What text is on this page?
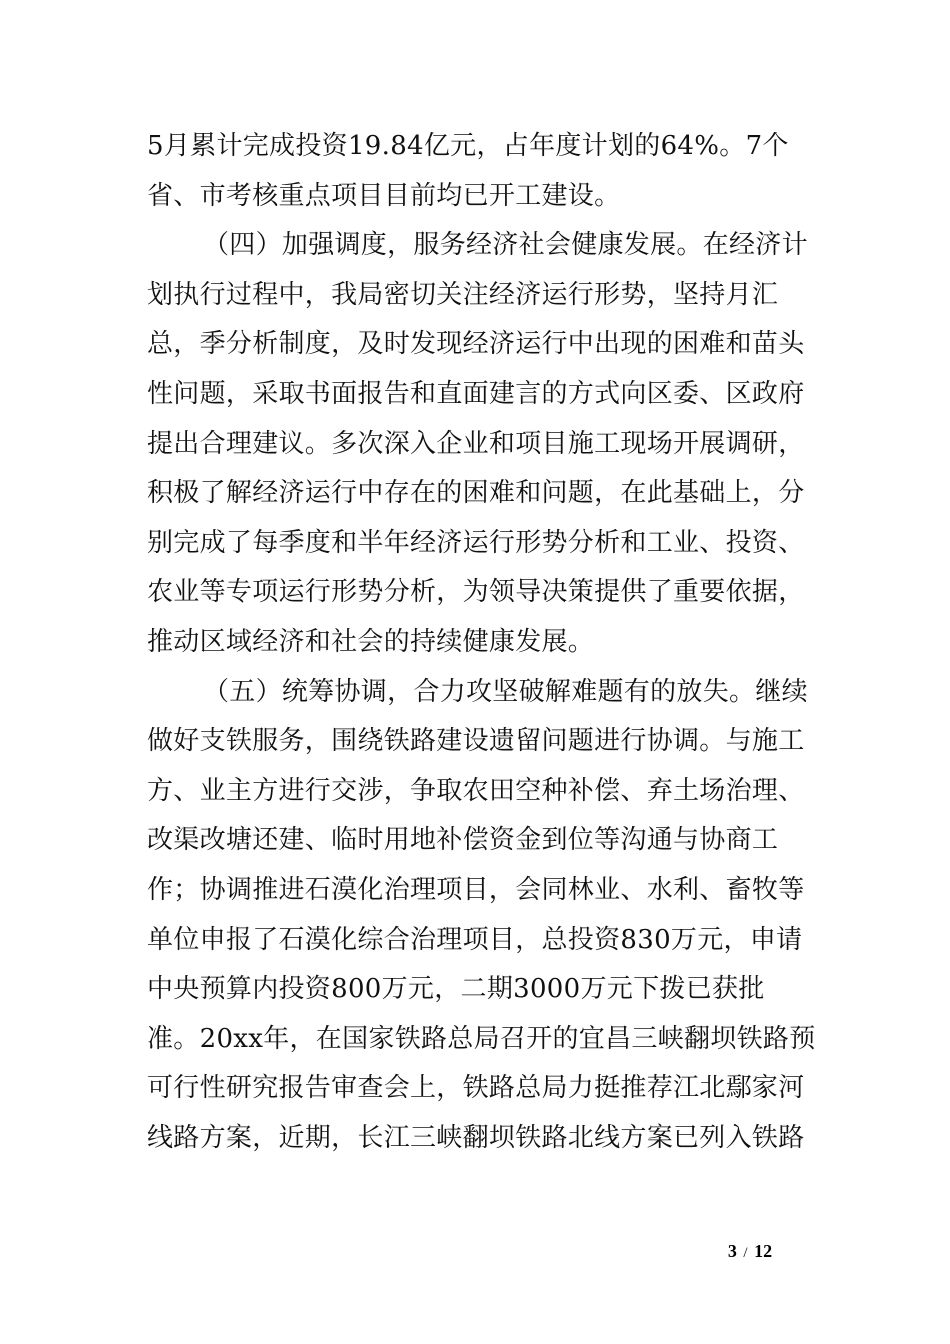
5月累计完成投资19.84亿元，占年度计划的64%。7个
省、市考核重点项目目前均已开工建设。
（四）加强调度，服务经济社会健康发展。在经济计
划执行过程中，我局密切关注经济运行形势，坚持月汇
总，季分析制度，及时发现经济运行中出现的困难和苗头
性问题，采取书面报告和直面建言的方式向区委、区政府
提出合理建议。多次深入企业和项目施工现场开展调研，
积极了解经济运行中存在的困难和问题，在此基础上，分
别完成了每季度和半年经济运行形势分析和工业、投资、
农业等专项运行形势分析，为领导决策提供了重要依据，
推动区域经济和社会的持续健康发展。
（五）统筹协调，合力攻坚破解难题有的放失。继续
做好支铁服务，围绕铁路建设遗留问题进行协调。与施工
方、业主方进行交涉，争取农田空种补偿、弃土场治理、
改渠改塘还建、临时用地补偿资金到位等沟通与协商工
作；协调推进石漠化治理项目，会同林业、水利、畜牧等
单位申报了石漠化综合治理项目，总投资830万元，申请
中央预算内投资800万元，二期3000万元下拨已获批
准。20xx年，在国家铁路总局召开的宜昌三峡翻坝铁路预
可行性研究报告审查会上，铁路总局力挺推荐江北鄢家河
线路方案，近期，长江三峡翻坝铁路北线方案已列入铁路
3 / 12
